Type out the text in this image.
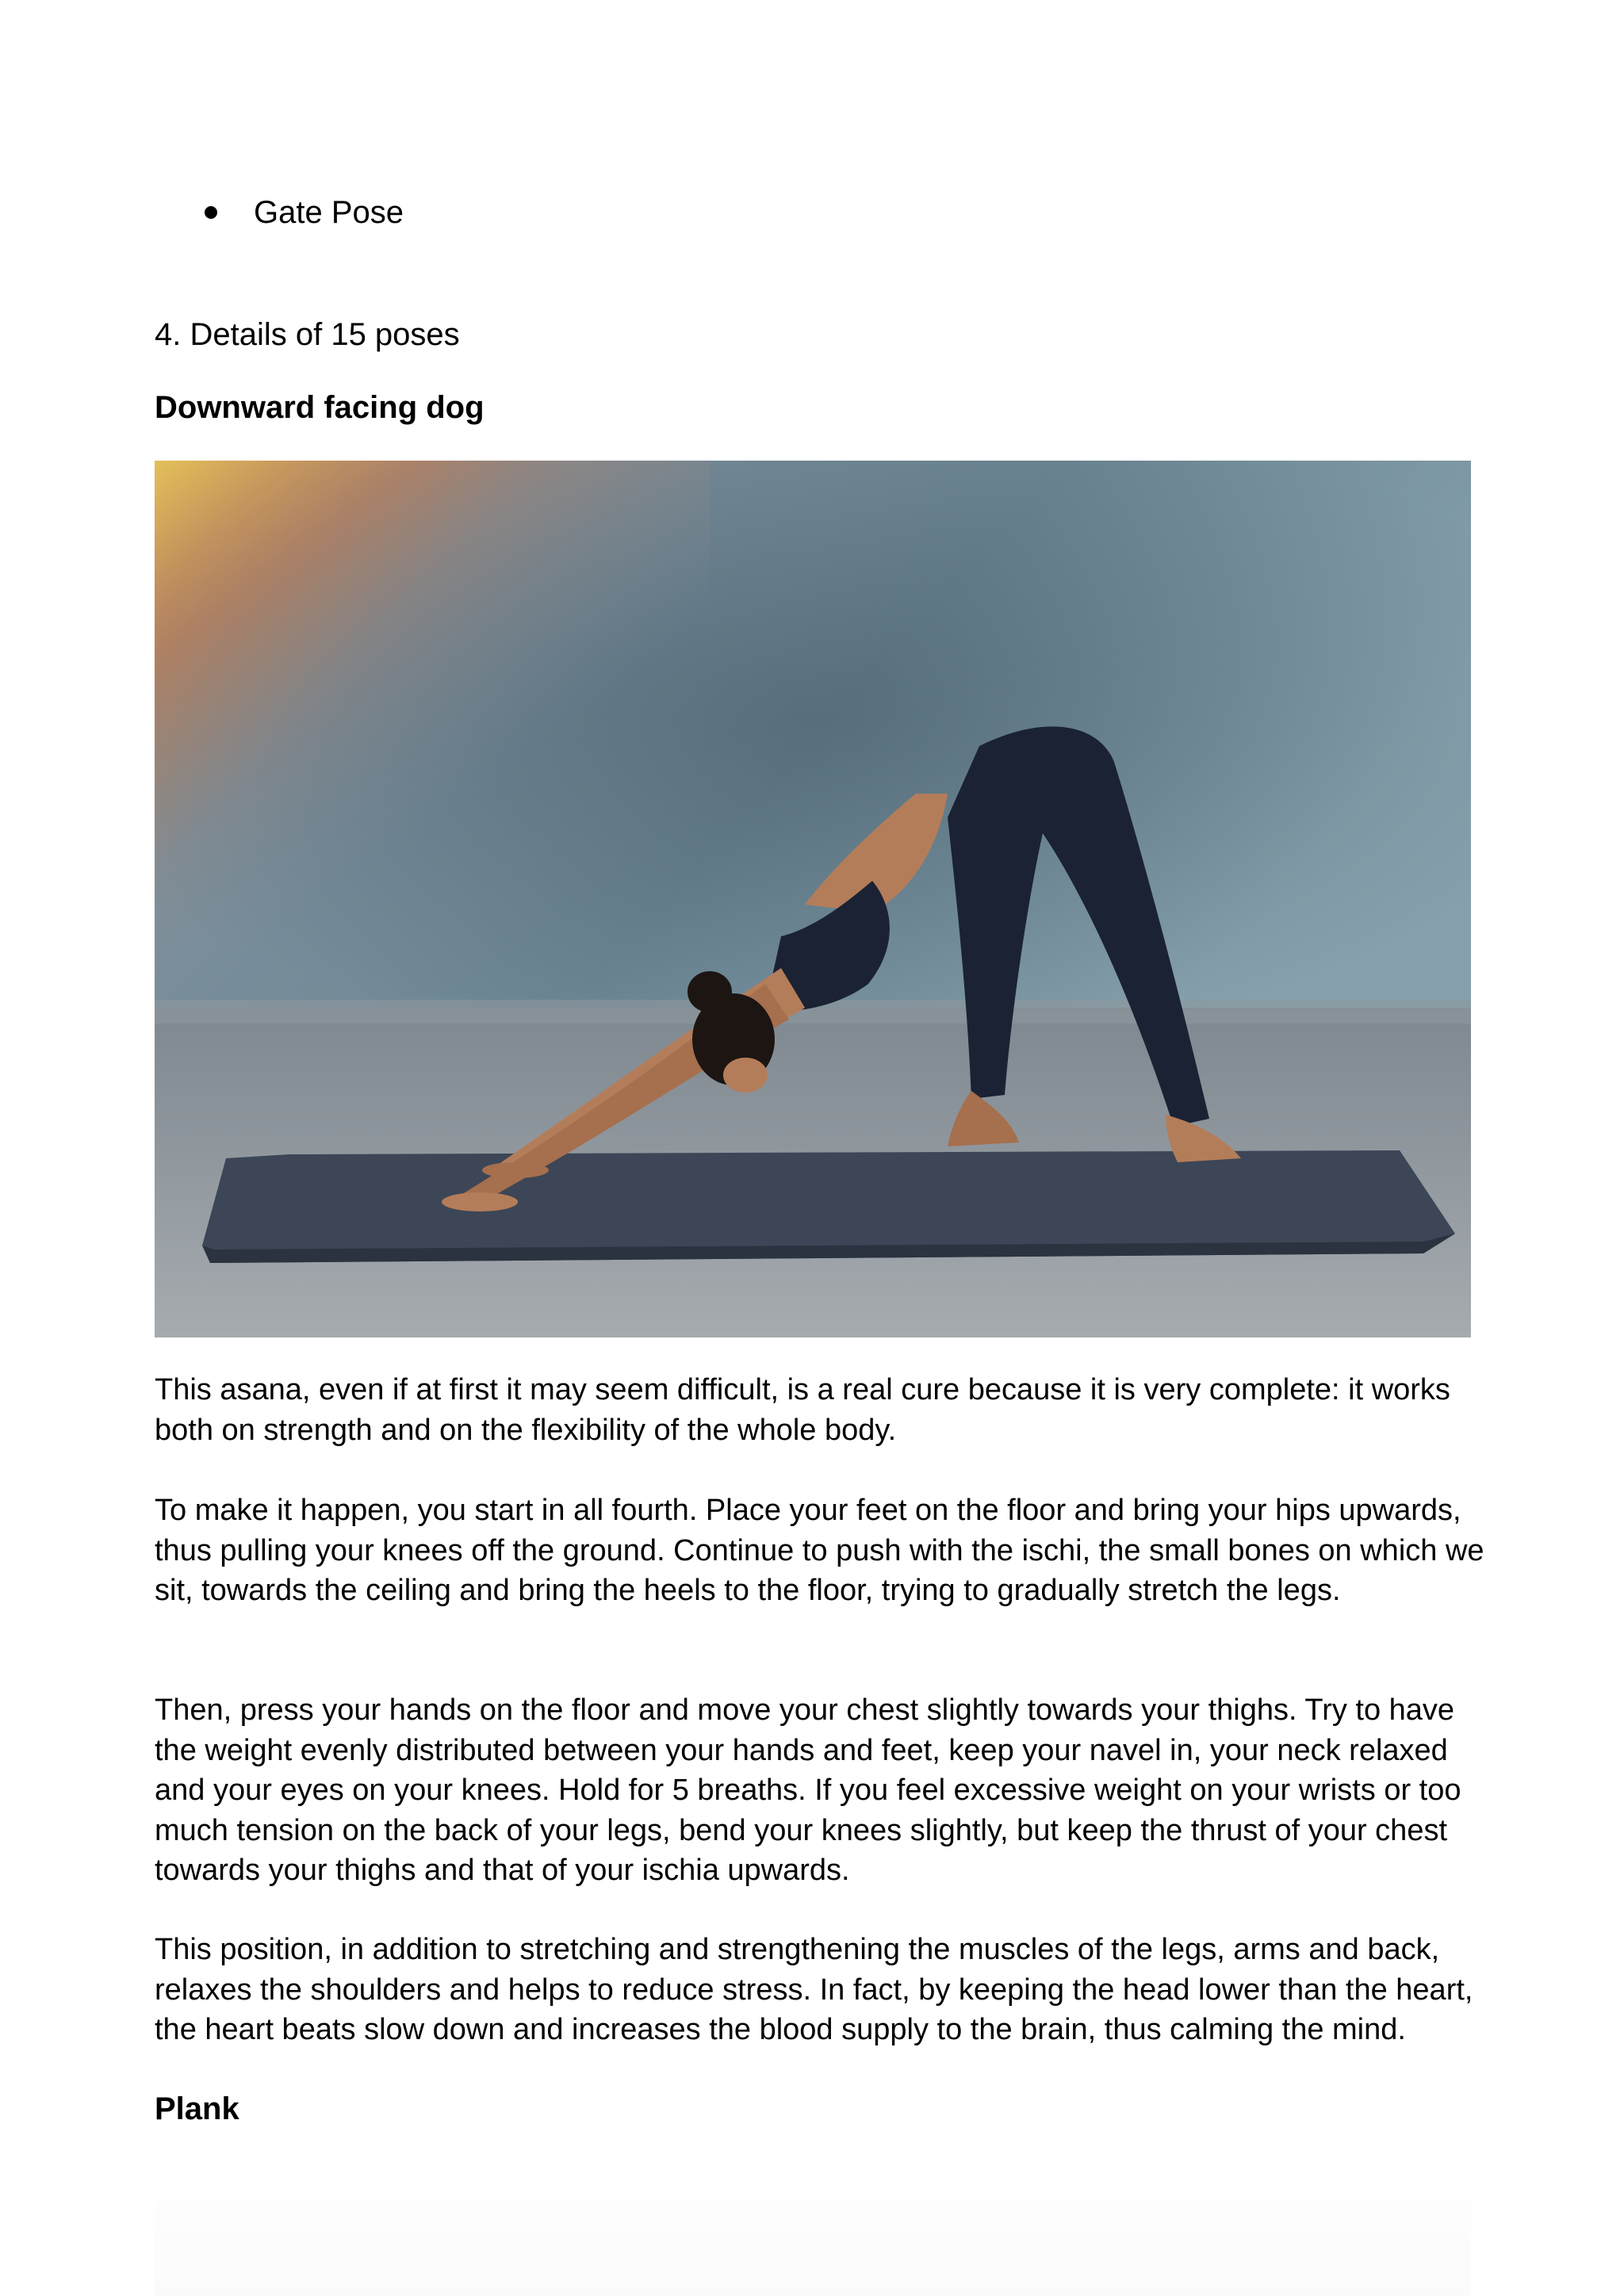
Gate Pose
4. Details of 15 poses
Downward facing dog

This asana, even if at first it may seem difficult, is a real cure because it is very complete: it works both on strength and on the flexibility of the whole body.

To make it happen, you start in all fourth. Place your feet on the floor and bring your hips upwards, thus pulling your knees off the ground. Continue to push with the ischi, the small bones on which we sit, towards the ceiling and bring the heels to the floor, trying to gradually stretch the legs.

Then, press your hands on the floor and move your chest slightly towards your thighs. Try to have the weight evenly distributed between your hands and feet, keep your navel in, your neck relaxed and your eyes on your knees. Hold for 5 breaths. If you feel excessive weight on your wrists or too much tension on the back of your legs, bend your knees slightly, but keep the thrust of your chest towards your thighs and that of your ischia upwards.

This position, in addition to stretching and strengthening the muscles of the legs, arms and back, relaxes the shoulders and helps to reduce stress. In fact, by keeping the head lower than the heart, the heart beats slow down and increases the blood supply to the brain, thus calming the mind.

Plank
